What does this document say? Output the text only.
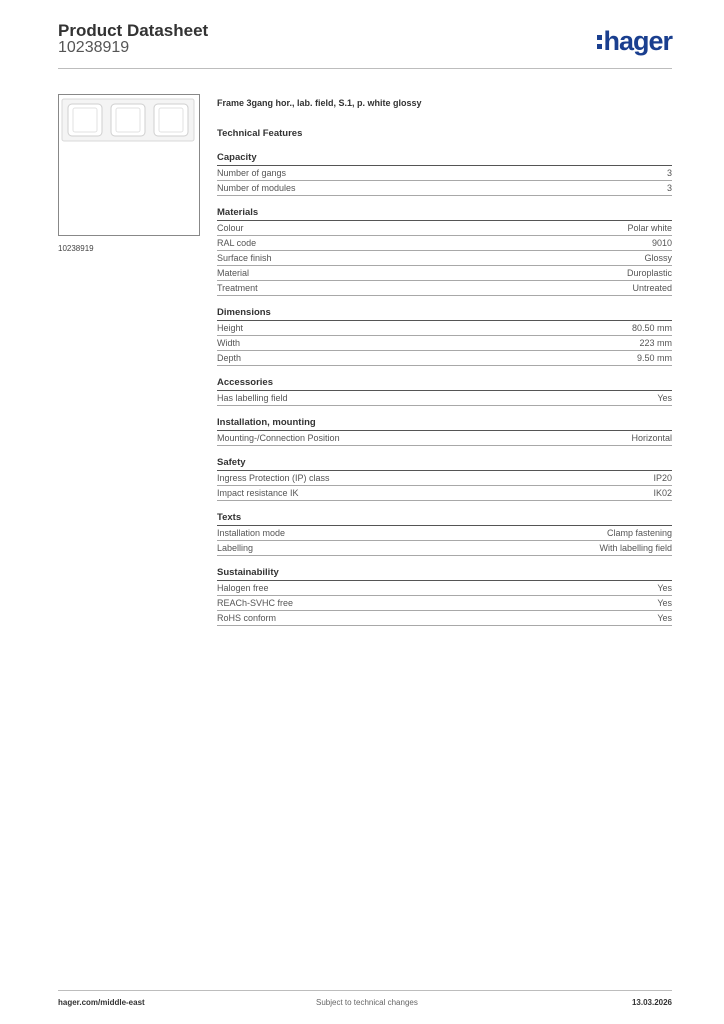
Product Datasheet
10238919	hager
10238919
Frame 3gang hor., lab. field, S.1, p. white glossy
Technical Features
Capacity
Number of gangs	3
Number of modules	3
Materials
Colour	Polar white
RAL code	9010
Surface finish	Glossy
Material	Duroplastic
Treatment	Untreated
Dimensions
Height	80.50 mm
Width	223 mm
Depth	9.50 mm
Accessories
Has labelling field	Yes
Installation, mounting
Mounting-/Connection Position	Horizontal
Safety
Ingress Protection (IP) class	IP20
Impact resistance IK	IK02
Texts
Installation mode	Clamp fastening
Labelling	With labelling field
Sustainability
Halogen free	Yes
REACh-SVHC free	Yes
RoHS conform	Yes
hager.com/middle-east	Subject to technical changes	13.03.2026
